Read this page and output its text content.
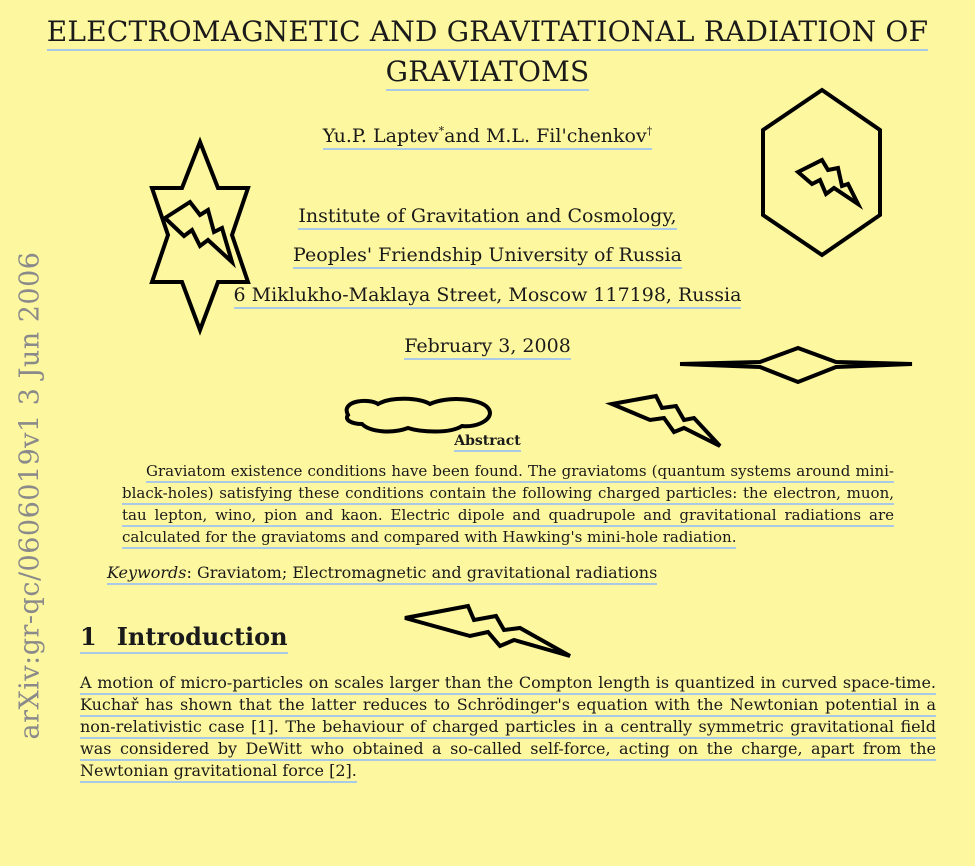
arXiv:gr-qc/0606019v1 3 Jun 2006
ELECTROMAGNETIC AND GRAVITATIONAL RADIATION OF
GRAVIATOMS
Yu.P. Laptev*and M.L. Fil'chenkov†
Institute of Gravitation and Cosmology,
Peoples' Friendship University of Russia
6 Miklukho-Maklaya Street, Moscow 117198, Russia
February 3, 2008
Abstract
Graviatom existence conditions have been found. The graviatoms (quantum systems around mini-black-holes) satisfying these conditions contain the following charged particles: the electron, muon, tau lepton, wino, pion and kaon. Electric dipole and quadrupole and gravitational radiations are calculated for the graviatoms and compared with Hawking's mini-hole radiation.
Keywords: Graviatom; Electromagnetic and gravitational radiations
1 Introduction
A motion of micro-particles on scales larger than the Compton length is quantized in curved space-time. Kuchař has shown that the latter reduces to Schrödinger's equation with the Newtonian potential in a non-relativistic case [1]. The behaviour of charged particles in a centrally symmetric gravitational field was considered by DeWitt who obtained a so-called self-force, acting on the charge, apart from the Newtonian gravitational force [2].
